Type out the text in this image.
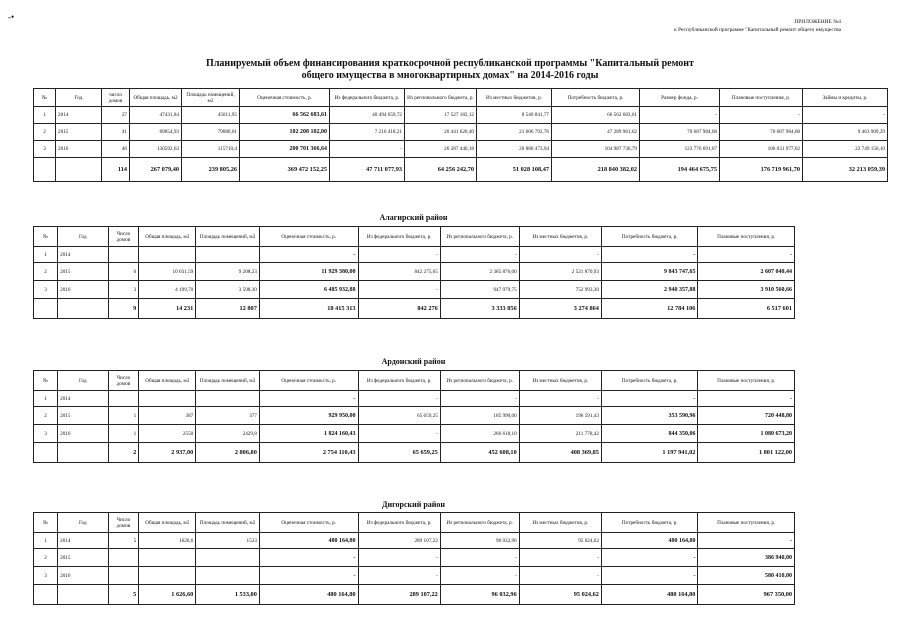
-•	ПРИЛОЖЕНИЕ №4
к Республиканской программе "Капитальный ремонт общего имущества
Планируемый объем финансирования краткосрочной республиканской программы "Капитальный ремонт
общего имущества в многоквартирных домах" на 2014-2016 годы
№	Год	число домов	Общая площадь, м2	Площадь помещений, м2	Оценочная стоимость, р.	Из федерального бюджета, р.	Из регионального бюджета, р.	Из местных бюджетов, р.	Потребность бюджета, р.	Размер фонда, р.	Плановые поступления, р.	Займы и кредиты, р.
1	2014	27	47431,84	45011,95	66 562 683,61	40 494 659,72	17 527 182,12	8 540 841,77	66 562 683,61	-	-	-
2	2015	41	89054,93	79080,01	102 208 102,00	7 216 418,21	20 441 620,40	21 606 792,76	47 289 961,62	70 687 984,68	70 687 984,68	9 463 909,29
3	2016	46	130592,63	115710,4	200 701 366,64	-	26 287 440,18	20 880 473,94	104 987 736,79	123 776 691,07	106 031 977,02	22 749 150,10
		114	267 079,40	239 805,26	369 472 152,25	47 711 077,93	64 256 242,70	51 028 108,47	218 840 382,02	194 464 675,75	176 719 961,70	32 213 059,39
Алагирский район
№	Год	Число домов	Общая площадь, м2	Площадь помещений, м2	Оценочная стоимость, р.	Из федерального бюджета, р.	Из регионального бюджета, р.	Из местных бюджетов, р.	Потребность бюджета, р.	Плановые поступления, р.
1	2014				-	-	-	-	-	-
2	2015	6	10 031,59	9 208,23	11 929 380,00	842 275,65	2 385 876,00	2 521 870,93	9 843 747,65	2 607 040,44
3	2016	3	4 199,70	3 598,30	6 485 932,88	-	947 979,75	752 993,30	2 940 357,88	3 910 560,66
		9	14 231	12 807	18 415 313	842 276	3 333 856	3 274 864	12 784 106	6 517 601
Ардонский район
№	Год	Число домов	Общая площадь, м2	Площадь помещений, м2	Оценочная стоимость, р.	Из федерального бюджета, р.	Из регионального бюджета, р.	Из местных бюджетов, р.	Потребность бюджета, р.	Плановые поступления, р.
1	2014				-	-	-	-	-	-
2	2015	1	387	377	929 950,00	65 659,25	185 990,00	196 591,43	353 590,96	720 448,80
3	2016	1	2550	2429,8	1 824 160,43	-	266 618,10	211 778,42	844 350,06	1 080 673,20
		2	2 937,00	2 806,80	2 754 110,43	65 659,25	452 608,10	408 369,85	1 197 941,02	1 801 122,00
Дигорский район
№	Год	Число домов	Общая площадь, м2	Площадь помещений, м2	Оценочная стоимость, р.	Из федерального бюджета, р.	Из регионального бюджета, р.	Из местных бюджетов, р.	Потребность бюджета, р.	Плановые поступления, р.
1	2014	5	1626,6	1533	480 164,80	289 107,22	96 032,96	95 024,62	480 164,80	-
2	2015				-	-	-	-	-	386 940,00
3	2016				-	-	-	-	-	580 410,00
		5	1 626,60	1 533,00	480 164,80	289 107,22	96 032,96	95 024,62	480 164,80	967 350,00
